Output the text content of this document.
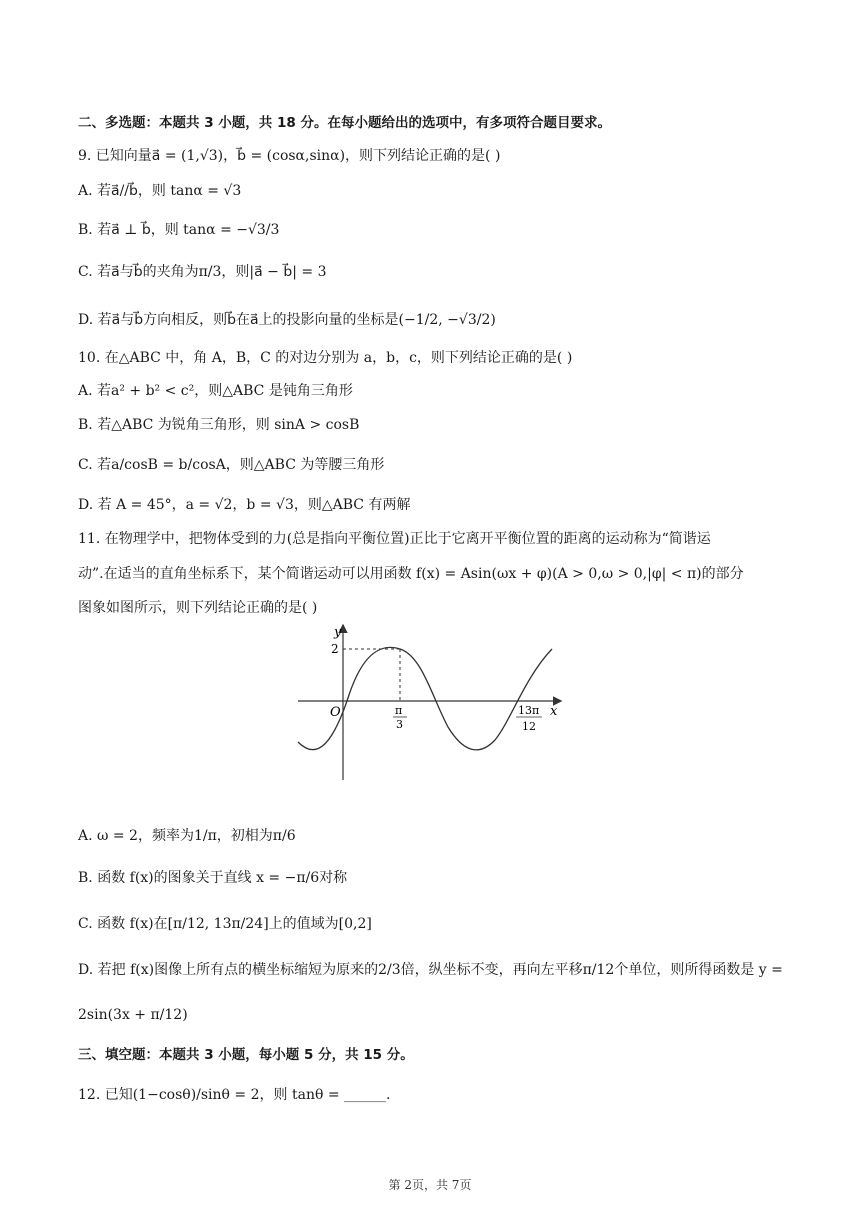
二、多选题：本题共 3 小题，共 18 分。在每小题给出的选项中，有多项符合题目要求。
9. 已知向量a⃗ = (1,√3)，b⃗ = (cosα,sinα)，则下列结论正确的是( )
A. 若a⃗//b⃗，则 tanα = √3
B. 若a⃗ ⊥ b⃗，则 tanα = −√3/3
C. 若a⃗与b⃗的夹角为π/3，则|a⃗ − b⃗| = 3
D. 若a⃗与b⃗方向相反，则b⃗在a⃗上的投影向量的坐标是(−1/2, −√3/2)
10. 在△ABC 中，角 A，B，C 的对边分别为 a，b，c，则下列结论正确的是( )
A. 若a² + b² < c²，则△ABC 是钝角三角形
B. 若△ABC 为锐角三角形，则 sinA > cosB
C. 若a/cosB = b/cosA，则△ABC 为等腰三角形
D. 若 A = 45°，a = √2，b = √3，则△ABC 有两解
11. 在物理学中，把物体受到的力(总是指向平衡位置)正比于它离开平衡位置的距离的运动称为“简谐运
动”.在适当的直角坐标系下，某个简谐运动可以用函数 f(x) = Asin(ωx + φ)(A > 0,ω > 0,|φ| < π)的部分
图象如图所示，则下列结论正确的是( )
y
x
O
2
π
3
13π
12
A. ω = 2，频率为1/π，初相为π/6
B. 函数 f(x)的图象关于直线 x = −π/6对称
C. 函数 f(x)在[π/12, 13π/24]上的值域为[0,2]
D. 若把 f(x)图像上所有点的横坐标缩短为原来的2/3倍，纵坐标不变，再向左平移π/12个单位，则所得函数是 y =
2sin(3x + π/12)
三、填空题：本题共 3 小题，每小题 5 分，共 15 分。
12. 已知(1−cosθ)/sinθ = 2，则 tanθ = ______.
第 2页，共 7页
